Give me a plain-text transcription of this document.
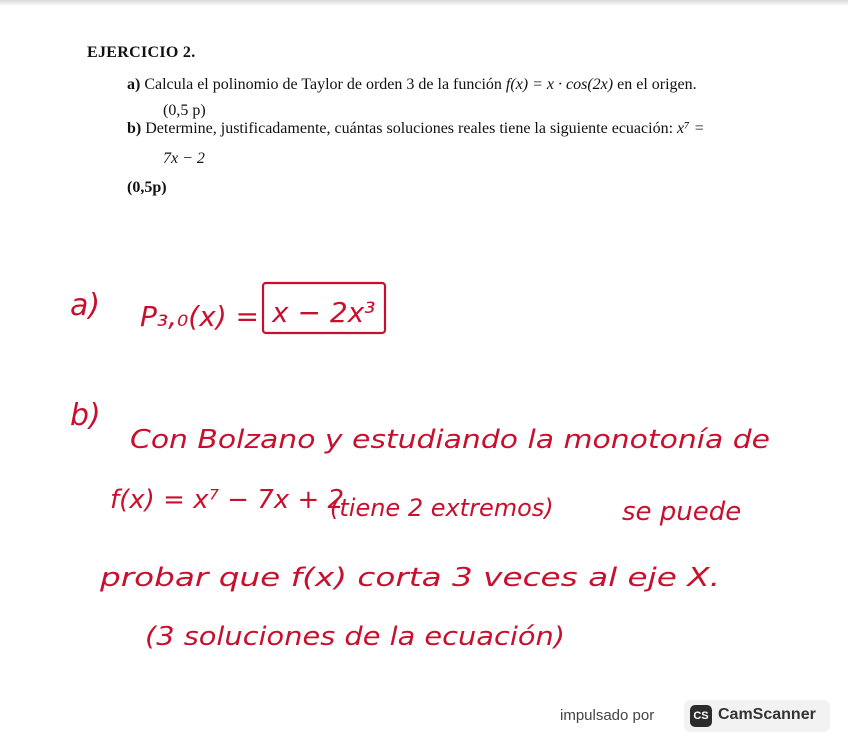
EJERCICIO 2.
a) Calcula el polinomio de Taylor de orden 3 de la función f(x) = x · cos(2x) en el origen.
(0,5 p)
b) Determine, justificadamente, cuántas soluciones reales tiene la siguiente ecuación: x⁷ =
7x − 2
(0,5p)
a) P₃,₀(x) = x − 2x³
b)
Con Bolzano y estudiando la monotonía de
f(x) = x⁷ − 7x + 2
(tiene 2 extremos)	se puede
probar que f(x) corta 3 veces al eje X.
(3 soluciones de la ecuación)
impulsado por	CS CamScanner
